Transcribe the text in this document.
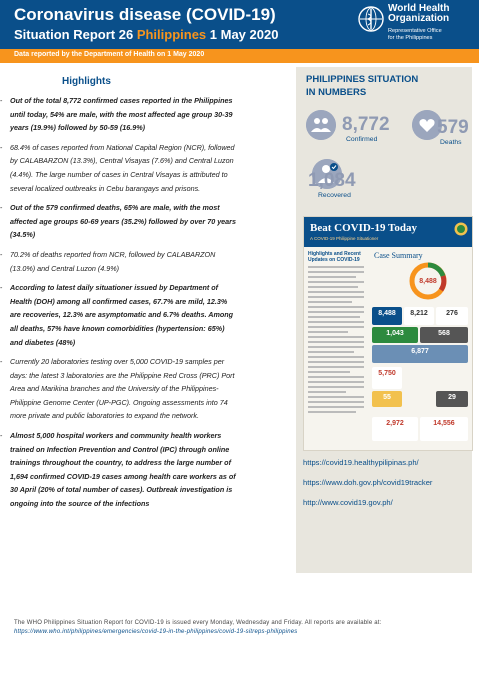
Coronavirus disease (COVID-19)
Situation Report 26 Philippines 1 May 2020
World Health
Organization
Representative Office
for the Philippines
Data reported by the Department of Health on 1 May 2020
Highlights
- Out of the total 8,772 confirmed cases reported in the Philippines until today, 54% are male, with the most affected age group 30-39 years (19.9%) followed by 50-59 (16.9%)
- 68.4% of cases reported from National Capital Region (NCR), followed by CALABARZON (13.3%), Central Visayas (7.6%) and Central Luzon (4.4%). The large number of cases in Central Visayas is attributed to several localized outbreaks in Cebu barangays and prisons.
- Out of the 579 confirmed deaths, 65% are male, with the most affected age groups 60-69 years (35.2%) followed by over 70 years (34.5%)
- 70.2% of deaths reported from NCR, followed by CALABARZON (13.0%) and Central Luzon (4.9%)
- According to latest daily situationer issued by Department of Health (DOH) among all confirmed cases, 67.7% are mild, 12.3% are recoveries, 12.3% are asymptomatic and 6.7% deaths. Among all deaths, 57% have known comorbidities (hypertension: 65%) and diabetes (48%)
- Currently 20 laboratories testing over 5,000 COVID-19 samples per days: the latest 3 laboratories are the Philippine Red Cross (PRC) Port Area and Marikina branches and the University of the Philippines-Philippine Genome Center (UP-PGC). Ongoing assessments into 74 more private and public laboratories to expand the network.
- Almost 5,000 hospital workers and community health workers trained on Infection Prevention and Control (IPC) through online trainings throughout the country, to address the large number of 1,694 confirmed COVID-19 cases among health care workers as of 30 April (20% of total number of cases). Outbreak investigation is ongoing into the source of the infections
PHILIPPINES SITUATION
IN NUMBERS
8,772
Confirmed
579
Deaths
1,084
Recovered
Beat COVID-19 Today
A COVID-19 Philippine Situationer
Highlights and Recent Updates on COVID-19	Case Summary
8,488
8,488	8,212	276
1,043	568
6,877
5,750
55	29
2,972	14,556
https://covid19.healthypilipinas.ph/
https://www.doh.gov.ph/covid19tracker
http://www.covid19.gov.ph/
The WHO Philippines Situation Report for COVID-19 is issued every Monday, Wednesday and Friday. All reports are available at: https://www.who.int/philippines/emergencies/covid-19-in-the-philippines/covid-19-sitreps-philippines
